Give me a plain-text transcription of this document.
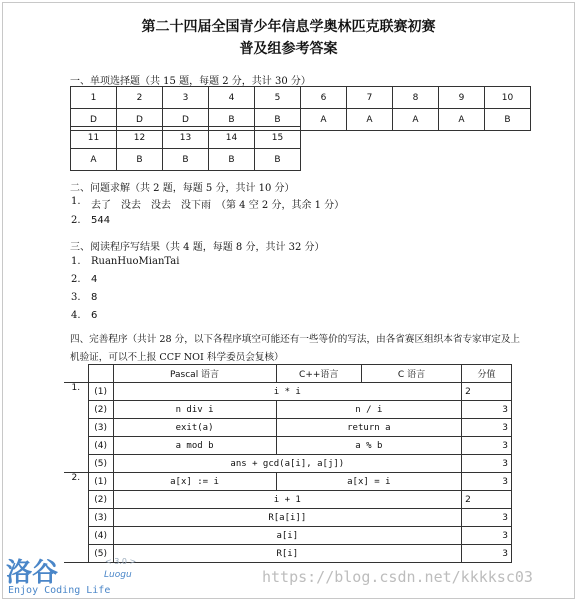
第二十四届全国青少年信息学奥林匹克联赛初赛
普及组参考答案
一、单项选择题（共 15 题，每题 2 分，共计 30 分）
1	2	3	4	5	6	7	8	9	10
D	D	D	B	B	A	A	A	A	B
11	12	13	14	15
A	B	B	B	B
二、问题求解（共 2 题，每题 5 分，共计 10 分）
1. 去了　没去　没去　没下雨　（第 4 空 2 分，其余 1 分）
2. 544
三、阅读程序写结果（共 4 题，每题 8 分，共计 32 分）
1. RuanHuoMianTai
2. 4
3. 8
4. 6
四、完善程序（共计 28 分，以下各程序填空可能还有一些等价的写法，由各省赛区组织本省专家审定及上
机验证，可以不上报 CCF NOI 科学委员会复核）
		Pascal 语言	C++语言	C 语言	分值
1.	(1)	i * i			2
	(2)	n div i	n / i		3
	(3)	exit(a)	return a		3
	(4)	a mod b	a % b		3
	(5)	ans + gcd(a[i], a[j])			3
2.	(1)	a[x] := i	a[x] = i		3
	(2)	i + 1			2
	(3)	R[a[i]]			3
	(4)	a[i]			3
	(5)	R[i]			3
洛谷	< 3.0 >
Luogu
Enjoy Coding Life
https://blog.csdn.net/kkkksc03
